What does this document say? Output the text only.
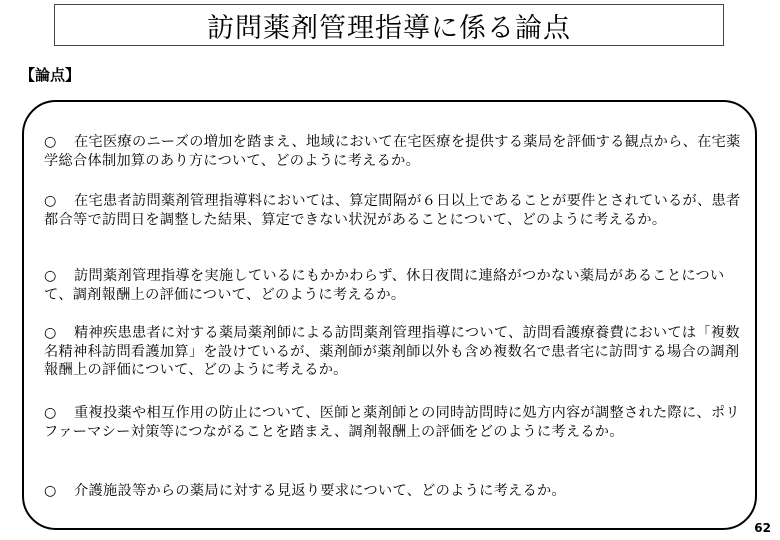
訪問薬剤管理指導に係る論点
【論点】
○ 在宅医療のニーズの増加を踏まえ、地域において在宅医療を提供する薬局を評価する観点から、在宅薬学総合体制加算のあり方について、どのように考えるか。
○ 在宅患者訪問薬剤管理指導料においては、算定間隔が６日以上であることが要件とされているが、患者都合等で訪問日を調整した結果、算定できない状況があることについて、どのように考えるか。
○ 訪問薬剤管理指導を実施しているにもかかわらず、休日夜間に連絡がつかない薬局があることについて、調剤報酬上の評価について、どのように考えるか。
○ 精神疾患患者に対する薬局薬剤師による訪問薬剤管理指導について、訪問看護療養費においては「複数名精神科訪問看護加算」を設けているが、薬剤師が薬剤師以外も含め複数名で患者宅に訪問する場合の調剤報酬上の評価について、どのように考えるか。
○ 重複投薬や相互作用の防止について、医師と薬剤師との同時訪問時に処方内容が調整された際に、ポリファーマシー対策等につながることを踏まえ、調剤報酬上の評価をどのように考えるか。
○ 介護施設等からの薬局に対する見返り要求について、どのように考えるか。
62
